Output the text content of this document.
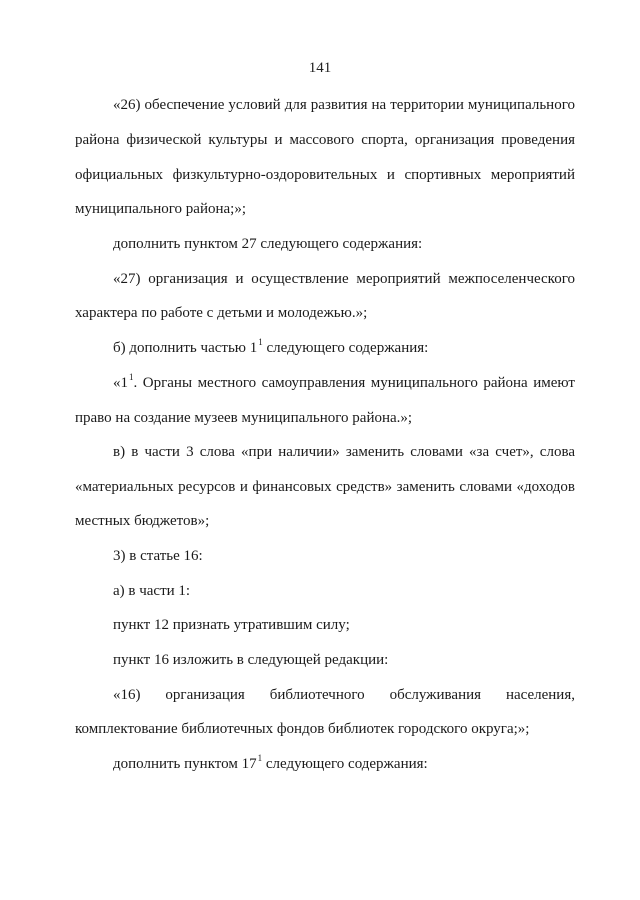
141
«26) обеспечение условий для развития на территории муниципального
района физической культуры и массового спорта, организация проведения
официальных физкультурно-оздоровительных и спортивных мероприятий
муниципального района;»;
дополнить пунктом 27 следующего содержания:
«27) организация и осуществление мероприятий межпоселенческого
характера по работе с детьми и молодежью.»;
б) дополнить частью $1^1$ следующего содержания:
«$1^1$. Органы местного самоуправления муниципального района имеют
право на создание музеев муниципального района.»;
в) в части 3 слова «при наличии» заменить словами «за счет», слова
«материальных ресурсов и финансовых средств» заменить словами «доходов
местных бюджетов»;
3) в статье 16:
а) в части 1:
пункт 12 признать утратившим силу;
пункт 16 изложить в следующей редакции:
«16) организация библиотечного обслуживания населения,
комплектование библиотечных фондов библиотек городского округа;»;
дополнить пунктом $17^1$ следующего содержания:
